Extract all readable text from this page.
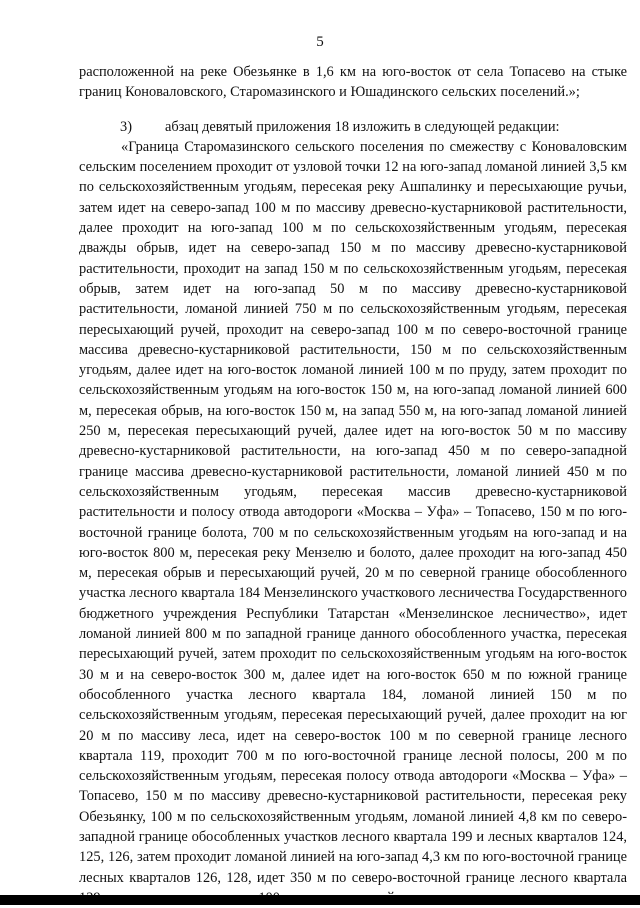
5

расположенной на реке Обезьянке в 1,6 км на юго-восток от села Топасево на стыке границ Коноваловского, Старомазинского и Юшадинского сельских поселений.»;

3) абзац девятый приложения 18 изложить в следующей редакции:

«Граница Старомазинского сельского поселения по смежеству с Коноваловским сельским поселением проходит от узловой точки 12 на юго-запад ломаной линией 3,5 км по сельскохозяйственным угодьям, пересекая реку Ашпалинку и пересыхающие ручьи, затем идет на северо-запад 100 м по массиву древесно-кустарниковой растительности, далее проходит на юго-запад 100 м по сельскохозяйственным угодьям, пересекая дважды обрыв, идет на северо-запад 150 м по массиву древесно-кустарниковой растительности, проходит на запад 150 м по сельскохозяйственным угодьям, пересекая обрыв, затем идет на юго-запад 50 м по массиву древесно-кустарниковой растительности, ломаной линией 750 м по сельскохозяйственным угодьям, пересекая пересыхающий ручей, проходит на северо-запад 100 м по северо-восточной границе массива древесно-кустарниковой растительности, 150 м по сельскохозяйственным угодьям, далее идет на юго-восток ломаной линией 100 м по пруду, затем проходит по сельскохозяйственным угодьям на юго-восток 150 м, на юго-запад ломаной линией 600 м, пересекая обрыв, на юго-восток 150 м, на запад 550 м, на юго-запад ломаной линией 250 м, пересекая пересыхающий ручей, далее идет на юго-восток 50 м по массиву древесно-кустарниковой растительности, на юго-запад 450 м по северо-западной границе массива древесно-кустарниковой растительности, ломаной линией 450 м по сельскохозяйственным угодьям, пересекая массив древесно-кустарниковой растительности и полосу отвода автодороги «Москва – Уфа» – Топасево, 150 м по юго-восточной границе болота, 700 м по сельскохозяйственным угодьям на юго-запад и на юго-восток 800 м, пересекая реку Мензелю и болото, далее проходит на юго-запад 450 м, пересекая обрыв и пересыхающий ручей, 20 м по северной границе обособленного участка лесного квартала 184 Мензелинского участкового лесничества Государственного бюджетного учреждения Республики Татарстан «Мензелинское лесничество», идет ломаной линией 800 м по западной границе данного обособленного участка, пересекая пересыхающий ручей, затем проходит по сельскохозяйственным угодьям на юго-восток 30 м и на северо-восток 300 м, далее идет на юго-восток 650 м по южной границе обособленного участка лесного квартала 184, ломаной линией 150 м по сельскохозяйственным угодьям, пересекая пересыхающий ручей, далее проходит на юг 20 м по массиву леса, идет на северо-восток 100 м по северной границе лесного квартала 119, проходит 700 м по юго-восточной границе лесной полосы, 200 м по сельскохозяйственным угодьям, пересекая полосу отвода автодороги «Москва – Уфа» – Топасево, 150 м по массиву древесно-кустарниковой растительности, пересекая реку Обезьянку, 100 м по сельскохозяйственным угодьям, ломаной линией 4,8 км по северо-западной границе обособленных участков лесного квартала 199 и лесных кварталов 124, 125, 126, затем проходит ломаной линией на юго-запад 4,3 км по юго-восточной границе лесных кварталов 126, 128, идет 350 м по северо-восточной границе лесного квартала
